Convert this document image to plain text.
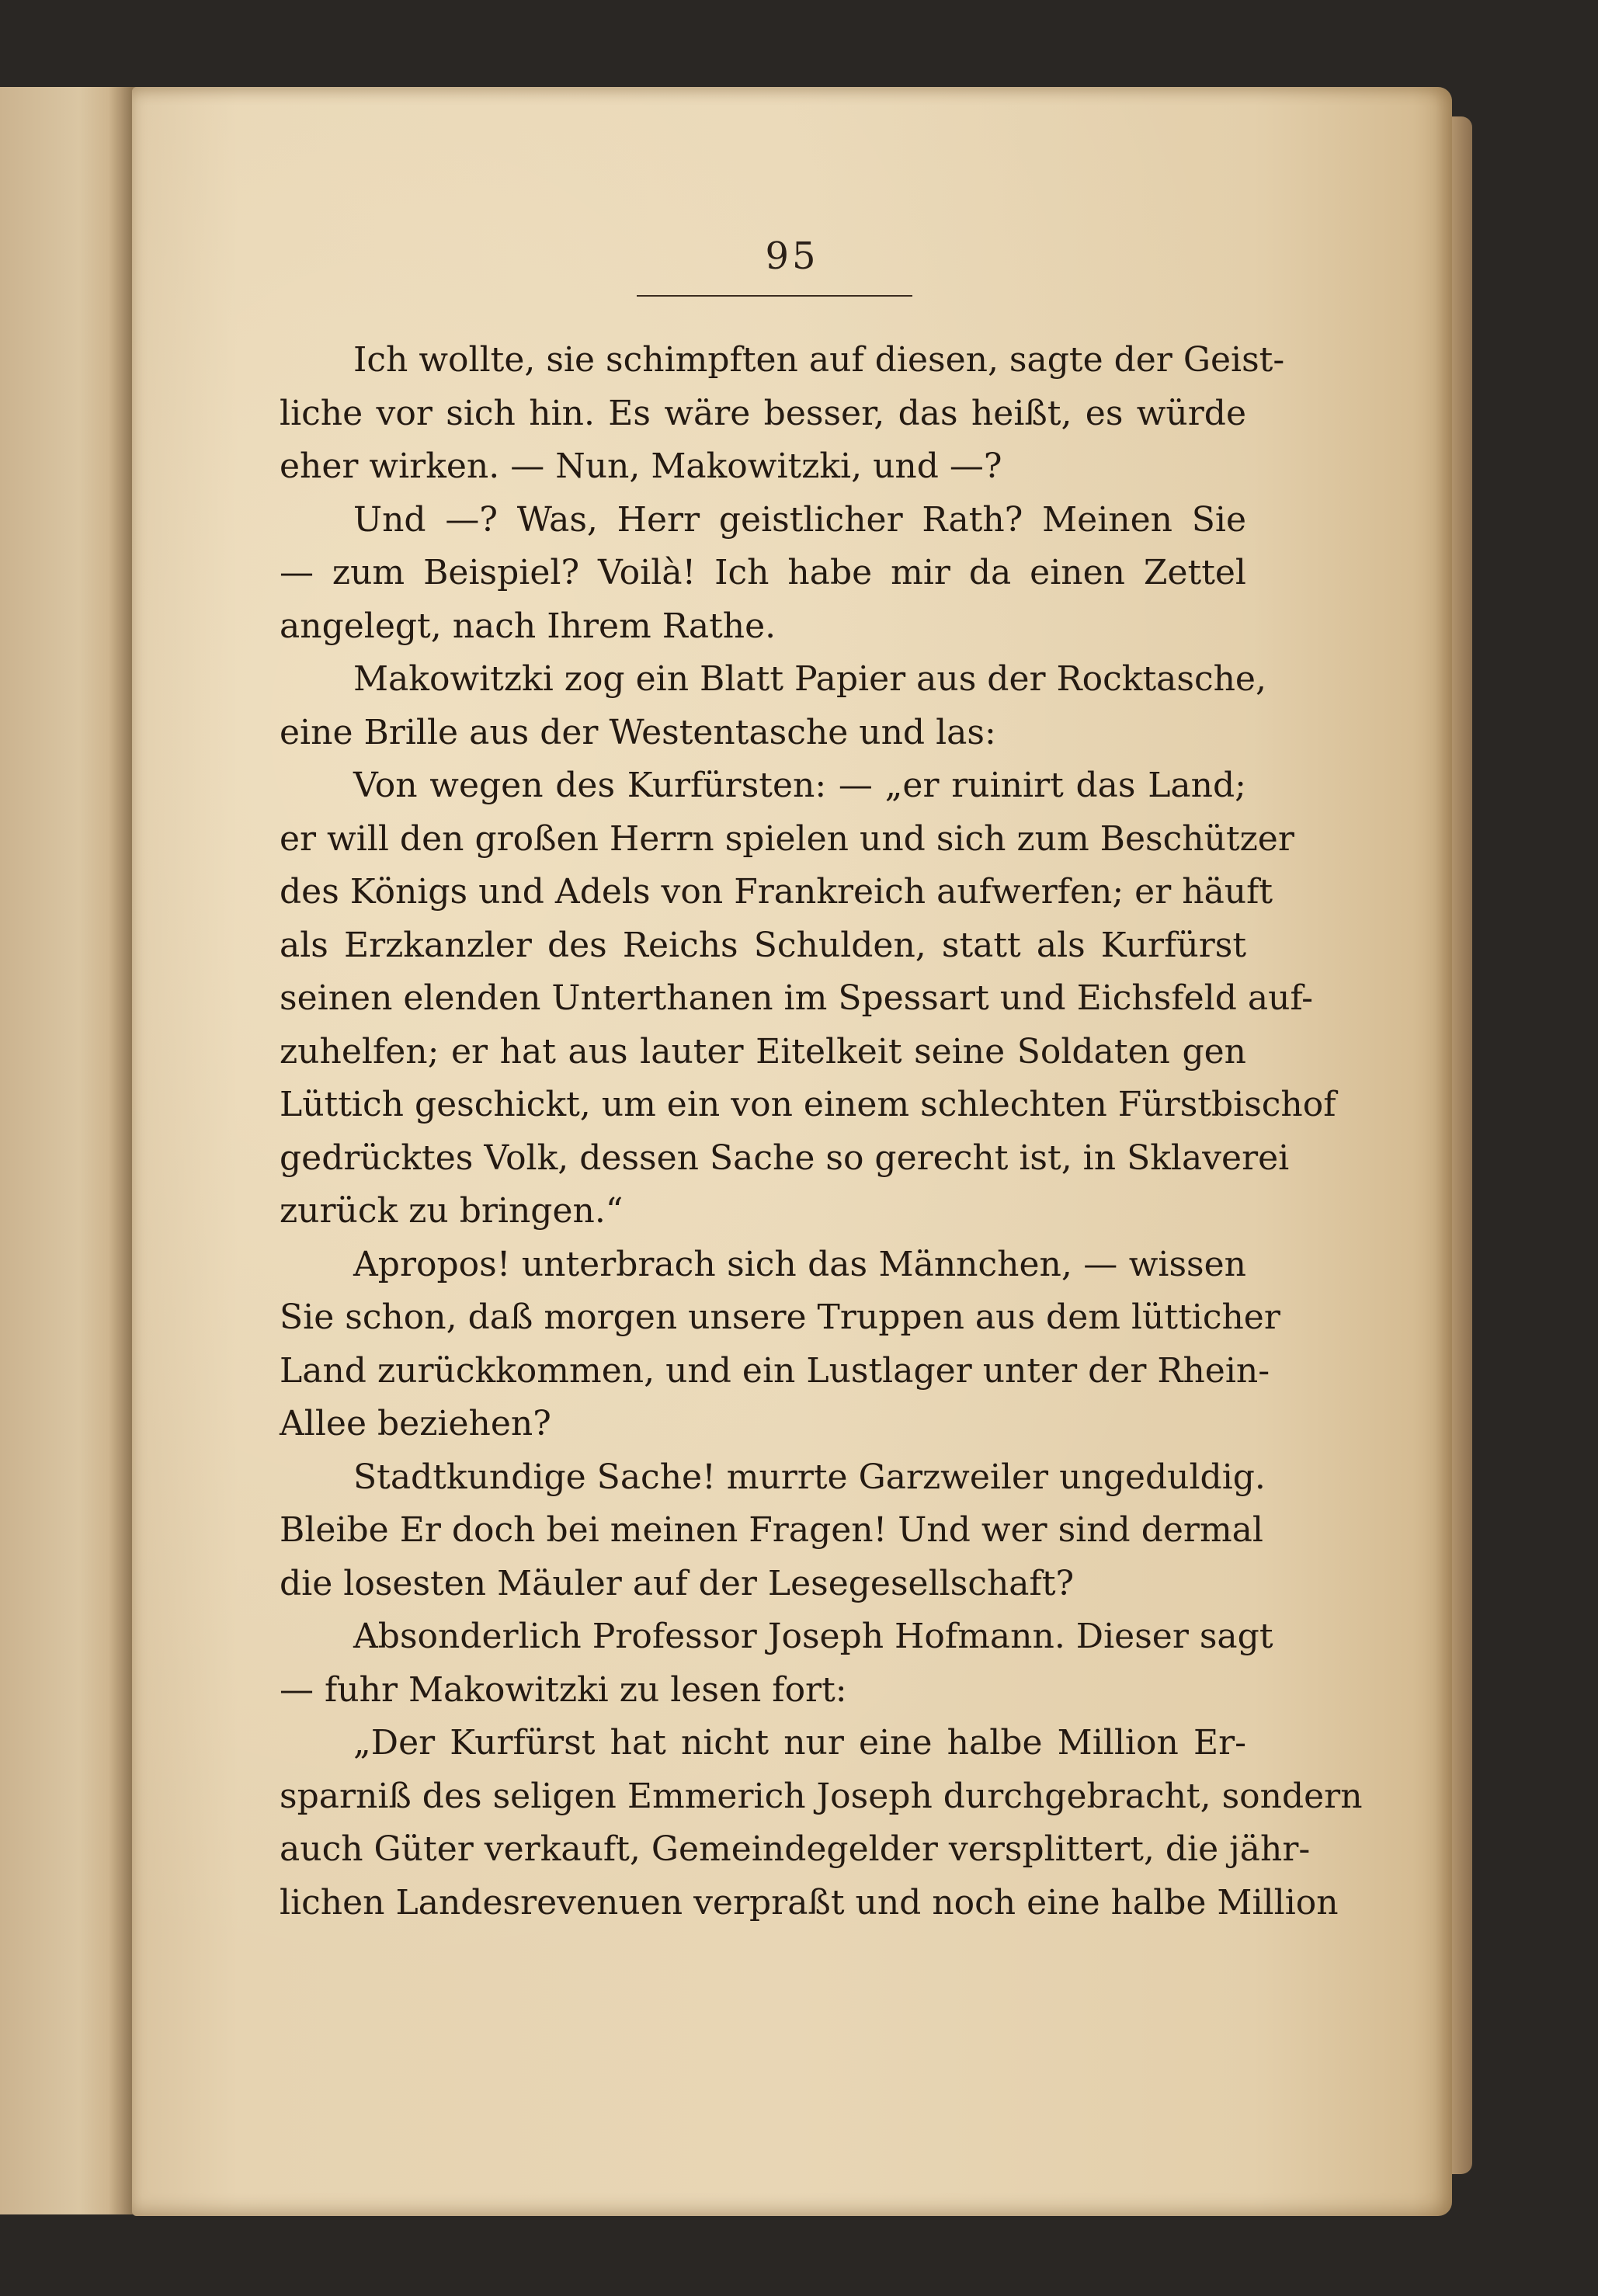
95
Ich wollte, sie schimpften auf diesen, sagte der Geist-
liche vor sich hin. Es wäre besser, das heißt, es würde
eher wirken. — Nun, Makowitzki, und —?
Und —? Was, Herr geistlicher Rath? Meinen Sie
— zum Beispiel? Voilà! Ich habe mir da einen Zettel
angelegt, nach Ihrem Rathe.
Makowitzki zog ein Blatt Papier aus der Rocktasche,
eine Brille aus der Westentasche und las:
Von wegen des Kurfürsten: — „er ruinirt das Land;
er will den großen Herrn spielen und sich zum Beschützer
des Königs und Adels von Frankreich aufwerfen; er häuft
als Erzkanzler des Reichs Schulden, statt als Kurfürst
seinen elenden Unterthanen im Spessart und Eichsfeld auf-
zuhelfen; er hat aus lauter Eitelkeit seine Soldaten gen
Lüttich geschickt, um ein von einem schlechten Fürstbischof
gedrücktes Volk, dessen Sache so gerecht ist, in Sklaverei
zurück zu bringen.“
Apropos! unterbrach sich das Männchen, — wissen
Sie schon, daß morgen unsere Truppen aus dem lütticher
Land zurückkommen, und ein Lustlager unter der Rhein-
Allee beziehen?
Stadtkundige Sache! murrte Garzweiler ungeduldig.
Bleibe Er doch bei meinen Fragen! Und wer sind dermal
die losesten Mäuler auf der Lesegesellschaft?
Absonderlich Professor Joseph Hofmann. Dieser sagt
— fuhr Makowitzki zu lesen fort:
„Der Kurfürst hat nicht nur eine halbe Million Er-
sparniß des seligen Emmerich Joseph durchgebracht, sondern
auch Güter verkauft, Gemeindegelder versplittert, die jähr-
lichen Landesrevenuen verpraßt und noch eine halbe Million
